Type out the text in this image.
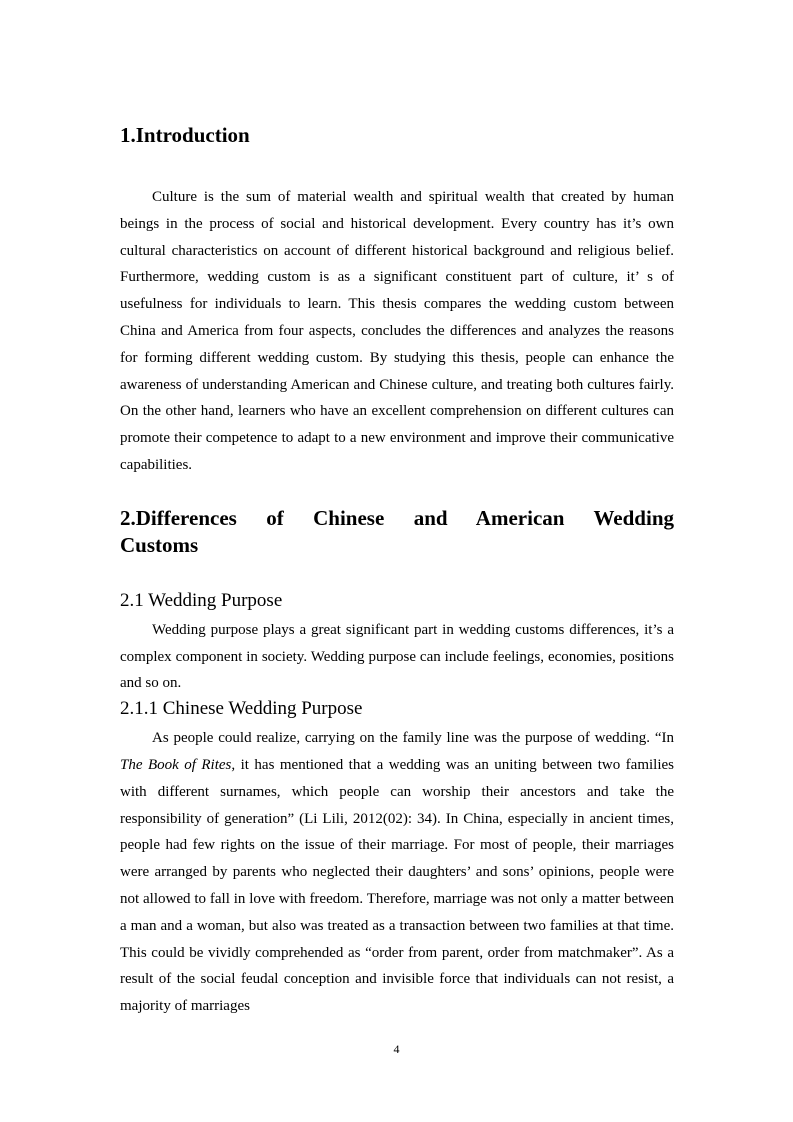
1.Introduction

Culture is the sum of material wealth and spiritual wealth that created by human beings in the process of social and historical development. Every country has it’s own cultural characteristics on account of different historical background and religious belief. Furthermore, wedding custom is as a significant constituent part of culture, it’ s of usefulness for individuals to learn. This thesis compares the wedding custom between China and America from four aspects, concludes the differences and analyzes the reasons for forming different wedding custom. By studying this thesis, people can enhance the awareness of understanding American and Chinese culture, and treating both cultures fairly. On the other hand, learners who have an excellent comprehension on different cultures can promote their competence to adapt to a new environment and improve their communicative capabilities.

2.Differences of Chinese and American Wedding Customs
2.1 Wedding Purpose

Wedding purpose plays a great significant part in wedding customs differences, it’s a complex component in society. Wedding purpose can include feelings, economies, positions and so on.

2.1.1 Chinese Wedding Purpose

As people could realize, carrying on the family line was the purpose of wedding. “In The Book of Rites, it has mentioned that a wedding was an uniting between two families with different surnames, which people can worship their ancestors and take the responsibility of generation” (Li Lili, 2012(02): 34). In China, especially in ancient times, people had few rights on the issue of their marriage. For most of people, their marriages were arranged by parents who neglected their daughters’ and sons’ opinions, people were not allowed to fall in love with freedom. Therefore, marriage was not only a matter between a man and a woman, but also was treated as a transaction between two families at that time. This could be vividly comprehended as “order from parent, order from matchmaker”. As a result of the social feudal conception and invisible force that individuals can not resist, a majority of marriages

4
